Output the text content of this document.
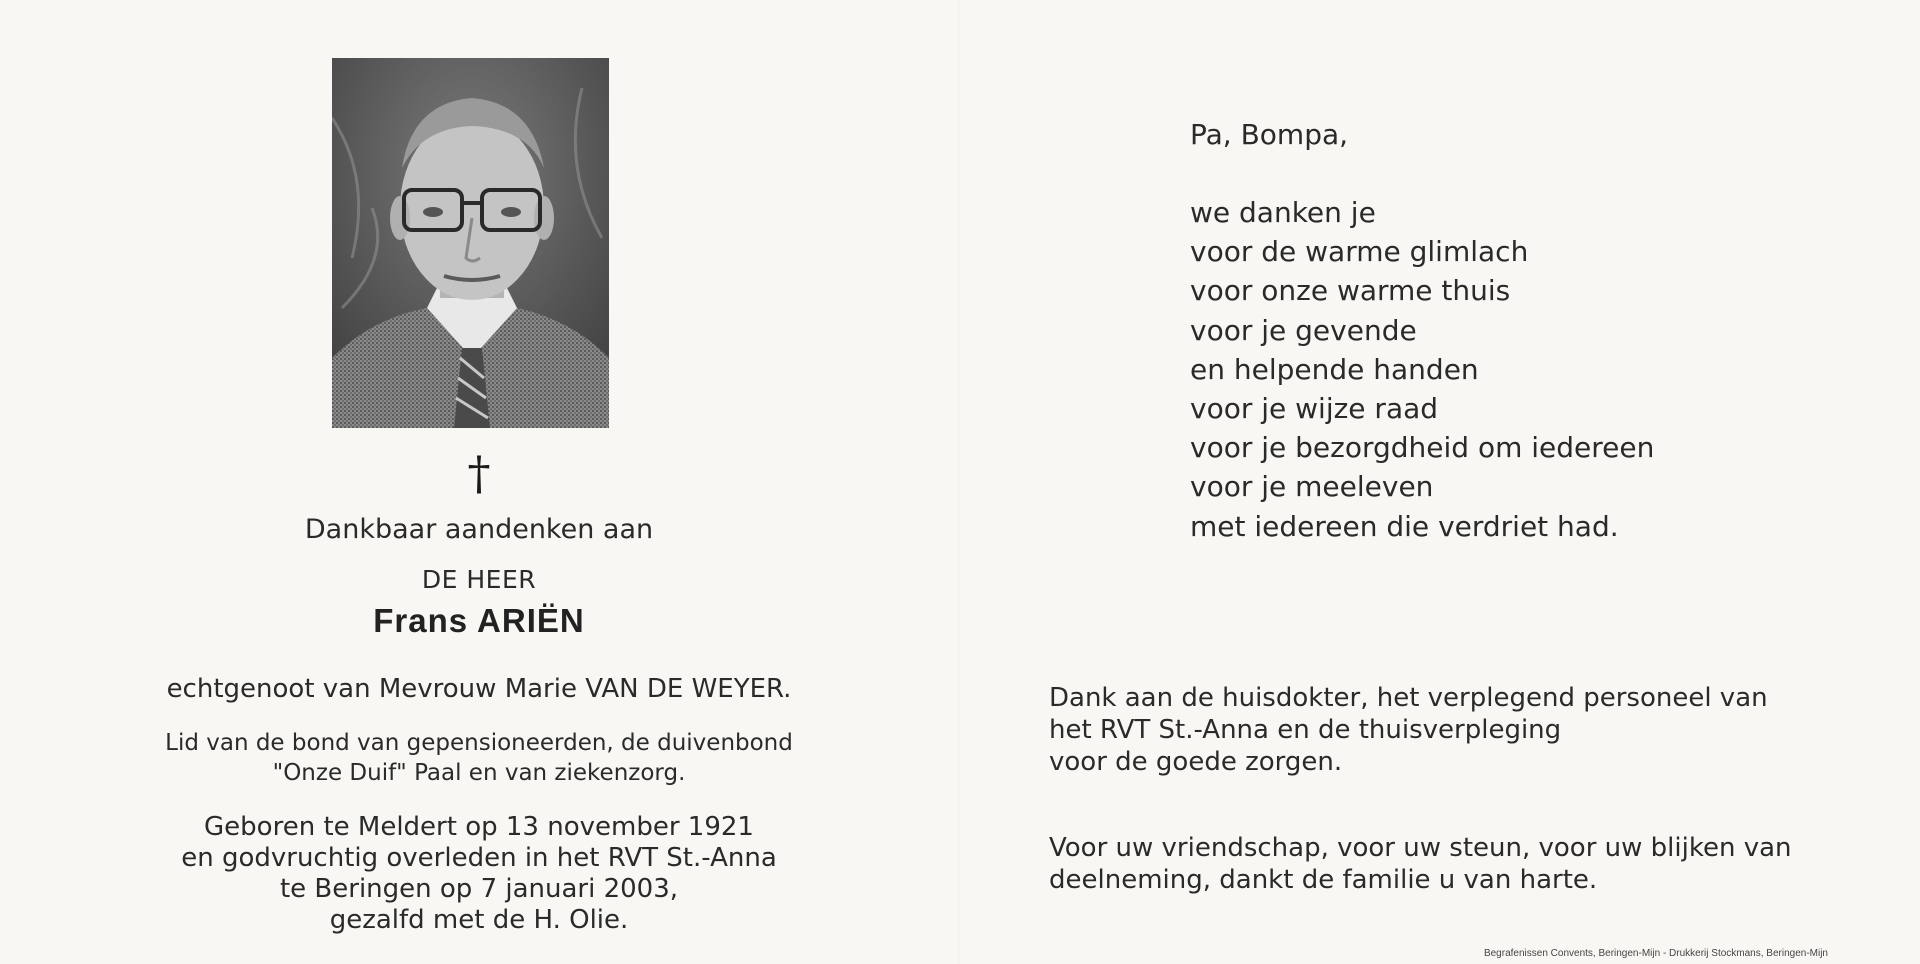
†

Dankbaar aandenken aan

DE HEER

Frans ARIËN

echtgenoot van Mevrouw Marie VAN DE WEYER.

Lid van de bond van gepensioneerden, de duivenbond
"Onze Duif" Paal en van ziekenzorg.

Geboren te Meldert op 13 november 1921
en godvruchtig overleden in het RVT St.-Anna
te Beringen op 7 januari 2003,
gezalfd met de H. Olie.

Pa, Bompa,
we danken je
voor de warme glimlach
voor onze warme thuis
voor je gevende
en helpende handen
voor je wijze raad
voor je bezorgdheid om iedereen
voor je meeleven
met iedereen die verdriet had.

Dank aan de huisdokter, het verplegend personeel van
het RVT St.-Anna en de thuisverpleging
voor de goede zorgen.

Voor uw vriendschap, voor uw steun, voor uw blijken van
deelneming, dankt de familie u van harte.

Begrafenissen Convents, Beringen-Mijn - Drukkerij Stockmans, Beringen-Mijn
